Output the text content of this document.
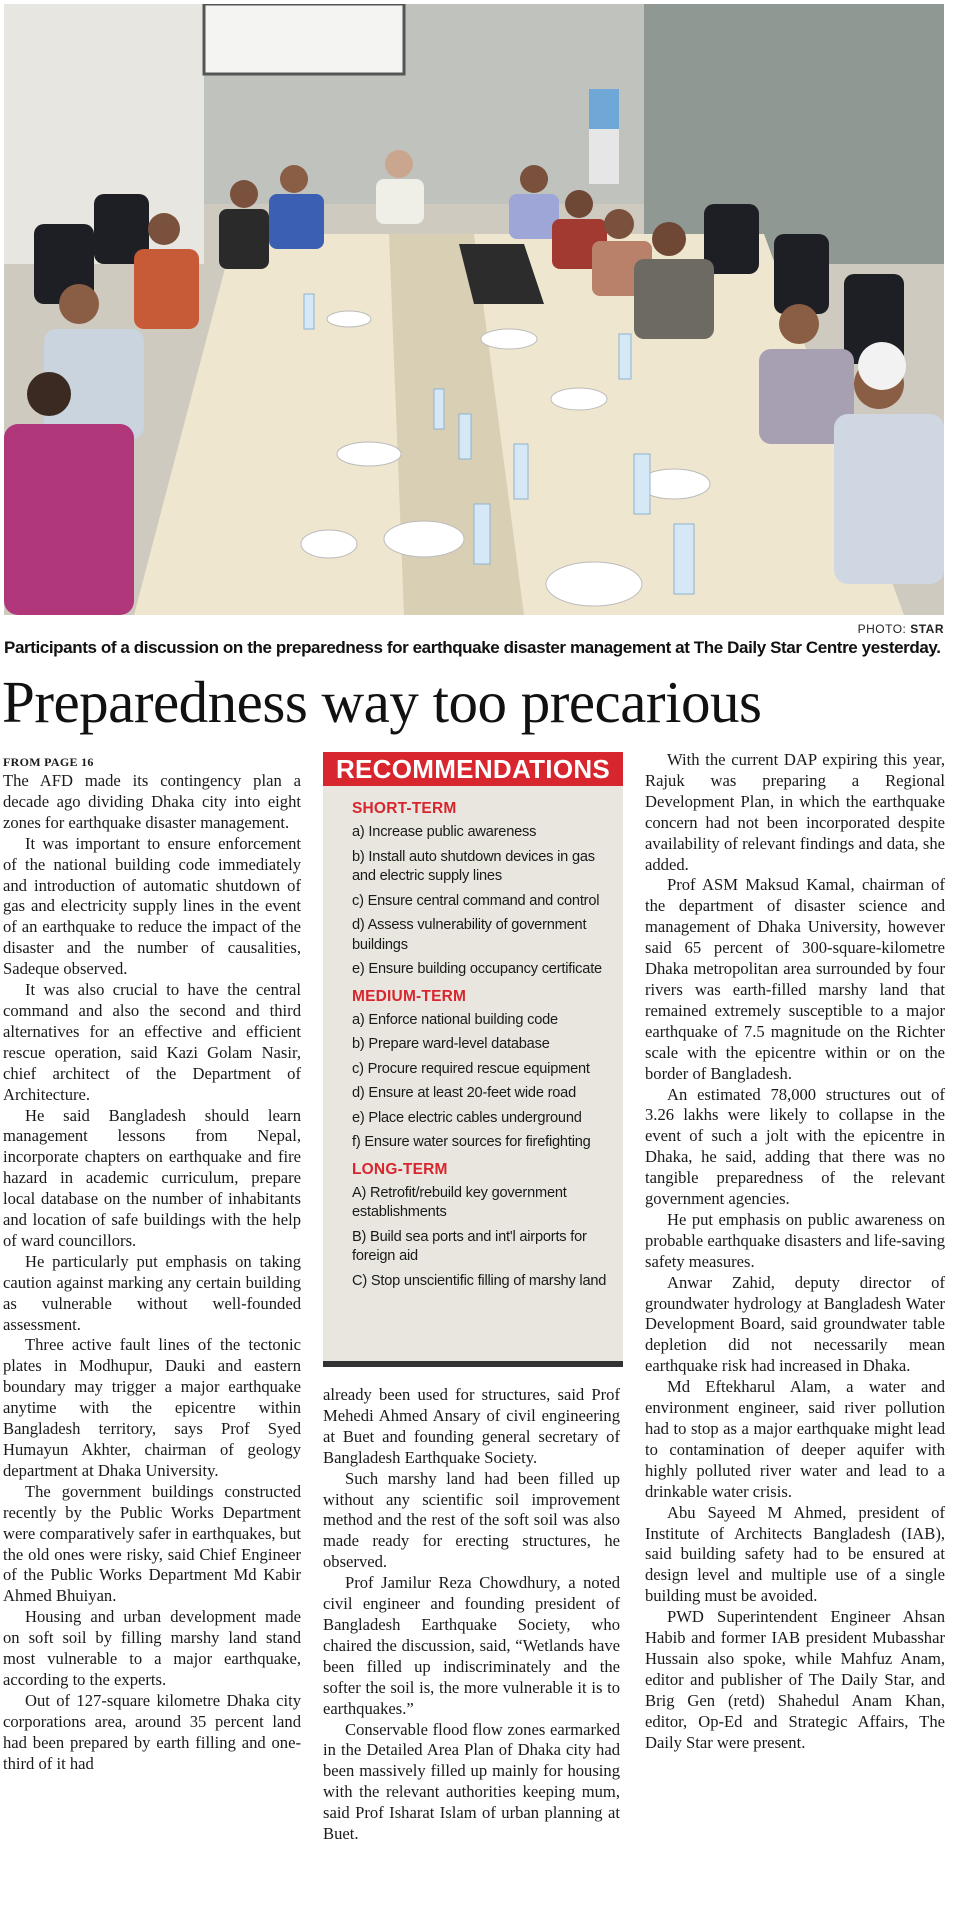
PHOTO: STAR
Participants of a discussion on the preparedness for earthquake disaster management at The Daily Star Centre yesterday.
Preparedness way too precarious
FROM PAGE 16

The AFD made its contingency plan a decade ago dividing Dhaka city into eight zones for earthquake disaster management.

It was important to ensure enforcement of the national building code immediately and introduction of automatic shutdown of gas and electricity supply lines in the event of an earthquake to reduce the impact of the disaster and the number of causalities, Sadeque observed.

It was also crucial to have the central command and also the second and third alternatives for an effective and efficient rescue operation, said Kazi Golam Nasir, chief architect of the Department of Architecture.

He said Bangladesh should learn management lessons from Nepal, incorporate chapters on earthquake and fire hazard in academic curriculum, prepare local database on the number of inhabitants and location of safe buildings with the help of ward councillors.

He particularly put emphasis on taking caution against marking any certain building as vulnerable without well-founded assessment.

Three active fault lines of the tectonic plates in Modhupur, Dauki and eastern boundary may trigger a major earthquake anytime with the epicentre within Bangladesh territory, says Prof Syed Humayun Akhter, chairman of geology department at Dhaka University.

The government buildings constructed recently by the Public Works Department were comparatively safer in earthquakes, but the old ones were risky, said Chief Engineer of the Public Works Department Md Kabir Ahmed Bhuiyan.

Housing and urban development made on soft soil by filling marshy land stand most vulnerable to a major earthquake, according to the experts.

Out of 127-square kilometre Dhaka city corporations area, around 35 percent land had been prepared by earth filling and one-third of it had

RECOMMENDATIONS
SHORT-TERM
a) Increase public awareness
b) Install auto shutdown devices in gas and electric supply lines
c) Ensure central command and control
d) Assess vulnerability of government buildings
e) Ensure building occupancy certificate
MEDIUM-TERM
a) Enforce national building code
b) Prepare ward-level database
c) Procure required rescue equipment
d) Ensure at least 20-feet wide road
e) Place electric cables underground
f) Ensure water sources for firefighting
LONG-TERM
A) Retrofit/rebuild key government establishments
B) Build sea ports and int'l airports for foreign aid
C) Stop unscientific filling of marshy land

already been used for structures, said Prof Mehedi Ahmed Ansary of civil engineering at Buet and founding general secretary of Bangladesh Earthquake Society.

Such marshy land had been filled up without any scientific soil improvement method and the rest of the soft soil was also made ready for erecting structures, he observed.

Prof Jamilur Reza Chowdhury, a noted civil engineer and founding president of Bangladesh Earthquake Society, who chaired the discussion, said, “Wetlands have been filled up indiscriminately and the softer the soil is, the more vulnerable it is to earthquakes.”

Conservable flood flow zones earmarked in the Detailed Area Plan of Dhaka city had been massively filled up mainly for housing with the relevant authorities keeping mum, said Prof Isharat Islam of urban planning at Buet.

With the current DAP expiring this year, Rajuk was preparing a Regional Development Plan, in which the earthquake concern had not been incorporated despite availability of relevant findings and data, she added.

Prof ASM Maksud Kamal, chairman of the department of disaster science and management of Dhaka University, however said 65 percent of 300-square-kilometre Dhaka metropolitan area surrounded by four rivers was earth-filled marshy land that remained extremely susceptible to a major earthquake of 7.5 magnitude on the Richter scale with the epicentre within or on the border of Bangladesh.

An estimated 78,000 structures out of 3.26 lakhs were likely to collapse in the event of such a jolt with the epicentre in Dhaka, he said, adding that there was no tangible preparedness of the relevant government agencies.

He put emphasis on public awareness on probable earthquake disasters and life-saving safety measures.

Anwar Zahid, deputy director of groundwater hydrology at Bangladesh Water Development Board, said groundwater table depletion did not necessarily mean earthquake risk had increased in Dhaka.

Md Eftekharul Alam, a water and environment engineer, said river pollution had to stop as a major earthquake might lead to contamination of deeper aquifer with highly polluted river water and lead to a drinkable water crisis.

Abu Sayeed M Ahmed, president of Institute of Architects Bangladesh (IAB), said building safety had to be ensured at design level and multiple use of a single building must be avoided.

PWD Superintendent Engineer Ahsan Habib and former IAB president Mubasshar Hussain also spoke, while Mahfuz Anam, editor and publisher of The Daily Star, and Brig Gen (retd) Shahedul Anam Khan, editor, Op-Ed and Strategic Affairs, The Daily Star were present.
